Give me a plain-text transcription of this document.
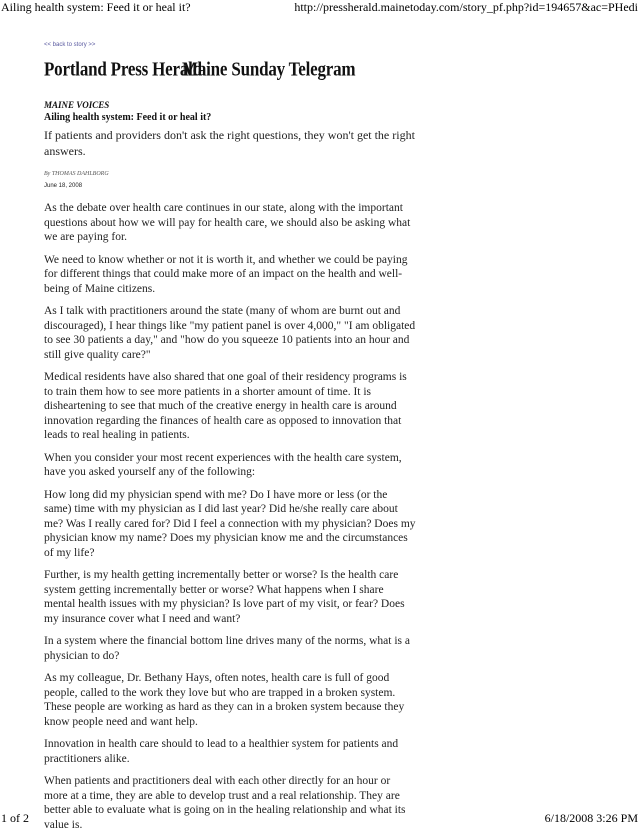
Ailing health system: Feed it or heal it?	http://pressherald.mainetoday.com/story_pf.php?id=194657&ac=PHedi
<< back to story >>
Portland Press Herald
Maine Sunday Telegram

MAINE VOICES

Ailing health system: Feed it or heal it?

If patients and providers don't ask the right questions, they won't get the right answers.

By THOMAS DAHLBORG

June 18, 2008

As the debate over health care continues in our state, along with the important questions about how we will pay for health care, we should also be asking what we are paying for.

We need to know whether or not it is worth it, and whether we could be paying for different things that could make more of an impact on the health and well-being of Maine citizens.

As I talk with practitioners around the state (many of whom are burnt out and discouraged), I hear things like "my patient panel is over 4,000," "I am obligated to see 30 patients a day," and "how do you squeeze 10 patients into an hour and still give quality care?"

Medical residents have also shared that one goal of their residency programs is to train them how to see more patients in a shorter amount of time. It is disheartening to see that much of the creative energy in health care is around innovation regarding the finances of health care as opposed to innovation that leads to real healing in patients.

When you consider your most recent experiences with the health care system, have you asked yourself any of the following:

How long did my physician spend with me? Do I have more or less (or the same) time with my physician as I did last year? Did he/she really care about me? Was I really cared for? Did I feel a connection with my physician? Does my physician know my name? Does my physician know me and the circumstances of my life?

Further, is my health getting incrementally better or worse? Is the health care system getting incrementally better or worse? What happens when I share mental health issues with my physician? Is love part of my visit, or fear? Does my insurance cover what I need and want?

In a system where the financial bottom line drives many of the norms, what is a physician to do?

As my colleague, Dr. Bethany Hays, often notes, health care is full of good people, called to the work they love but who are trapped in a broken system. These people are working as hard as they can in a broken system because they know people need and want help.

Innovation in health care should to lead to a healthier system for patients and practitioners alike.

When patients and practitioners deal with each other directly for an hour or more at a time, they are able to develop trust and a real relationship. They are better able to evaluate what is going on in the healing relationship and what its value is.

1 of 2	6/18/2008 3:26 PM
